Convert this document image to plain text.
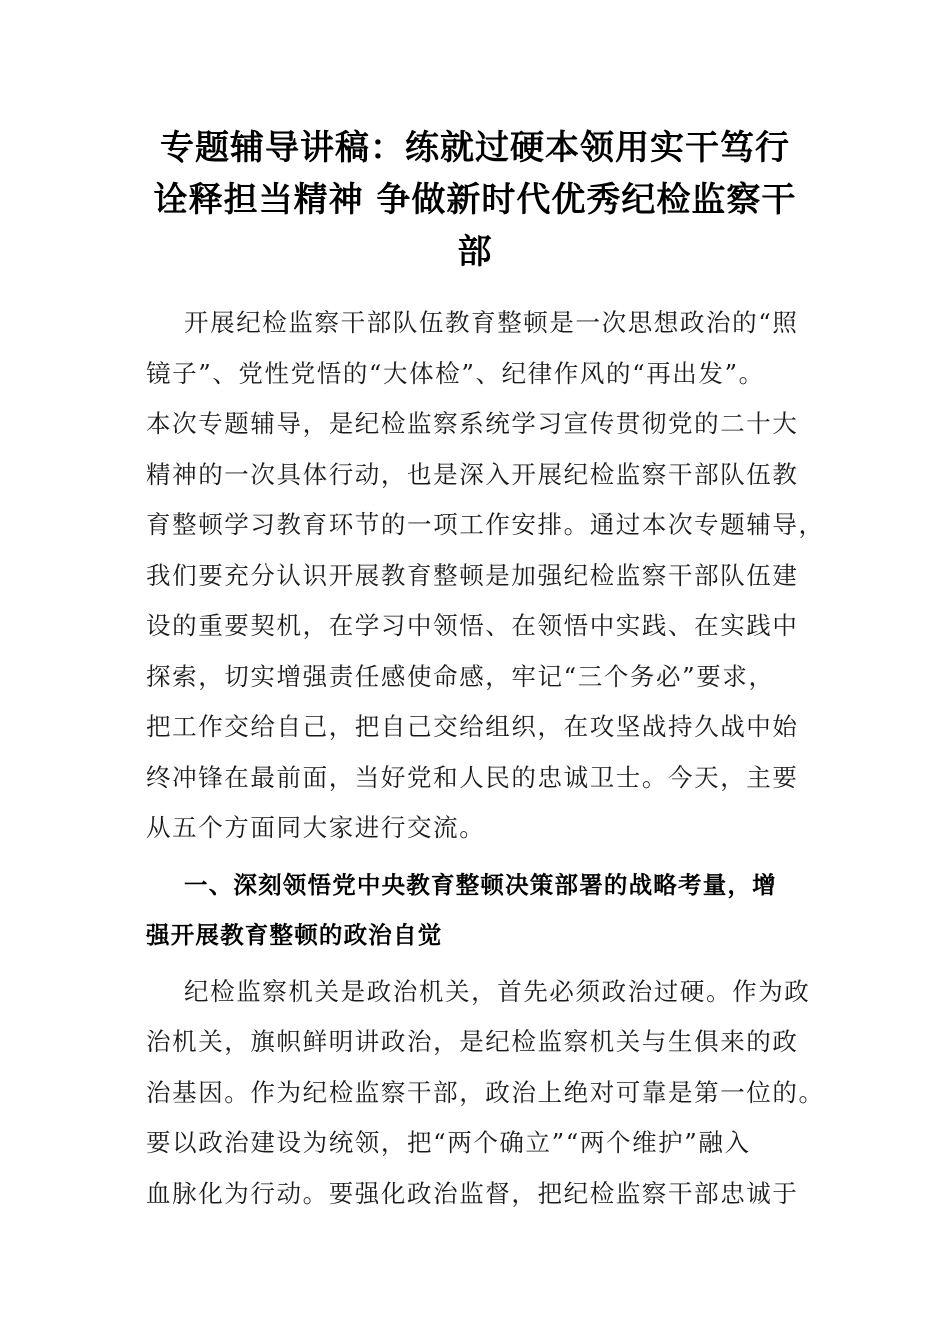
专题辅导讲稿：练就过硬本领用实干笃行
诠释担当精神 争做新时代优秀纪检监察干
部
开展纪检监察干部队伍教育整顿是一次思想政治的“照
镜子”、党性党悟的“大体检”、纪律作风的“再出发”。
本次专题辅导，是纪检监察系统学习宣传贯彻党的二十大
精神的一次具体行动，也是深入开展纪检监察干部队伍教
育整顿学习教育环节的一项工作安排。通过本次专题辅导，
我们要充分认识开展教育整顿是加强纪检监察干部队伍建
设的重要契机，在学习中领悟、在领悟中实践、在实践中
探索，切实增强责任感使命感，牢记“三个务必”要求，
把工作交给自己，把自己交给组织，在攻坚战持久战中始
终冲锋在最前面，当好党和人民的忠诚卫士。今天，主要
从五个方面同大家进行交流。
一、深刻领悟党中央教育整顿决策部署的战略考量，增
强开展教育整顿的政治自觉
纪检监察机关是政治机关，首先必须政治过硬。作为政
治机关，旗帜鲜明讲政治，是纪检监察机关与生俱来的政
治基因。作为纪检监察干部，政治上绝对可靠是第一位的。
要以政治建设为统领，把“两个确立”“两个维护”融入
血脉化为行动。要强化政治监督，把纪检监察干部忠诚于
